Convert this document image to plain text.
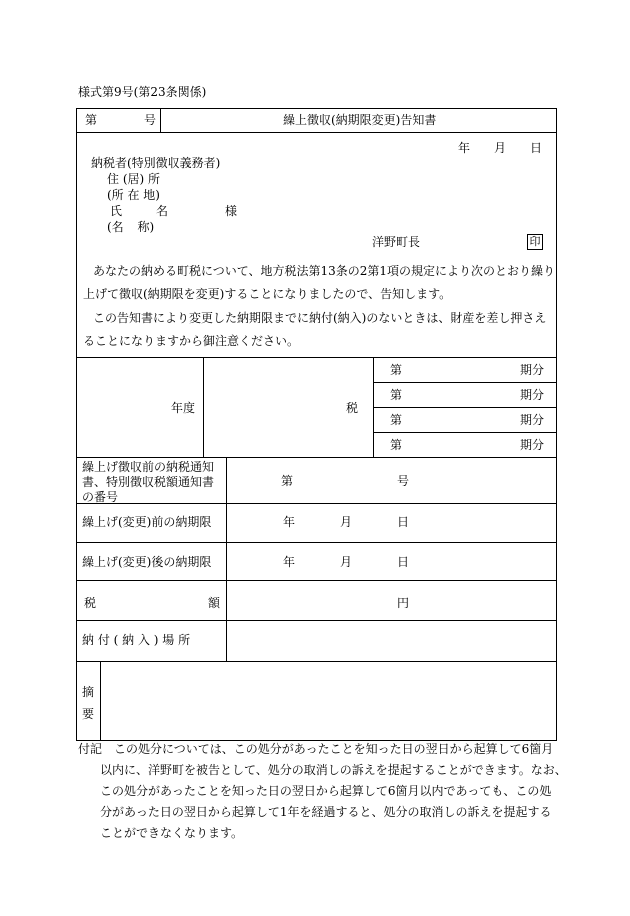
様式第9号(第23条関係)
第	号	繰上徴収(納期限変更)告知書
年 月 日
納税者(特別徴収義務者)
住 (居) 所
(所 在 地)
氏	名	様
(名 称)
洋野町長	印
あなたの納める町税について、地方税法第13条の2第1項の規定により次のとおり繰り
上げて徴収(納期限を変更)することになりましたので、告知します。
この告知書により変更した納期限までに納付(納入)のないときは、財産を差し押さえ
ることになりますから御注意ください。
年度	税
第	期分
第	期分
第	期分
第	期分
繰上げ徴収前の納税通知
書、特別徴収税額通知書
の番号
第	号
繰上げ(変更)前の納期限	年	月	日
繰上げ(変更)後の納期限	年	月	日
税	額	円
納 付 ( 納 入 ) 場 所
摘
要
付記 この処分については、この処分があったことを知った日の翌日から起算して6箇月
以内に、洋野町を被告として、処分の取消しの訴えを提起することができます。なお、
この処分があったことを知った日の翌日から起算して6箇月以内であっても、この処
分があった日の翌日から起算して1年を経過すると、処分の取消しの訴えを提起する
ことができなくなります。
